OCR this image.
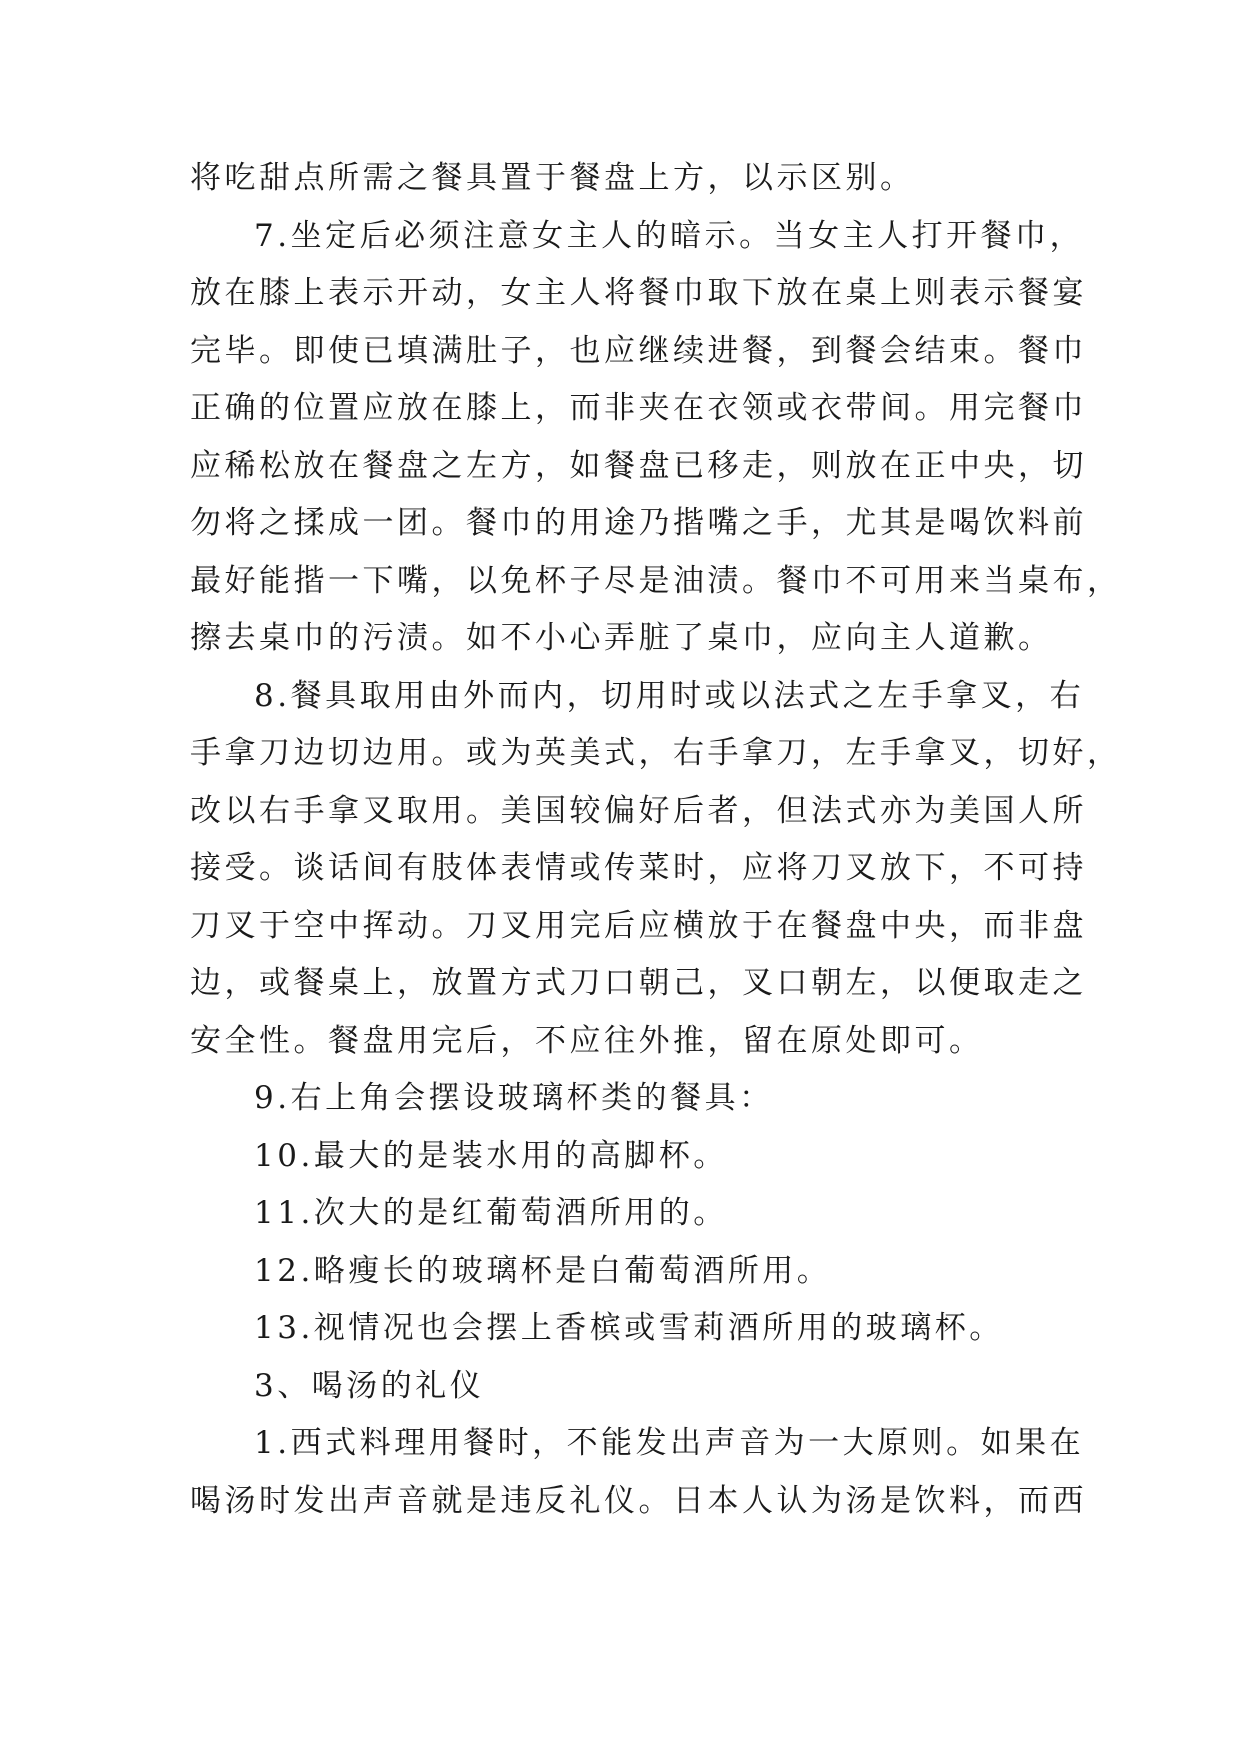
将吃甜点所需之餐具置于餐盘上方，以示区别。
7.坐定后必须注意女主人的暗示。当女主人打开餐巾，
放在膝上表示开动，女主人将餐巾取下放在桌上则表示餐宴
完毕。即使已填满肚子，也应继续进餐，到餐会结束。餐巾
正确的位置应放在膝上，而非夹在衣领或衣带间。用完餐巾
应稀松放在餐盘之左方，如餐盘已移走，则放在正中央，切
勿将之揉成一团。餐巾的用途乃揩嘴之手，尤其是喝饮料前
最好能揩一下嘴，以免杯子尽是油渍。餐巾不可用来当桌布，
擦去桌巾的污渍。如不小心弄脏了桌巾，应向主人道歉。
8.餐具取用由外而内，切用时或以法式之左手拿叉，右
手拿刀边切边用。或为英美式，右手拿刀，左手拿叉，切好，
改以右手拿叉取用。美国较偏好后者，但法式亦为美国人所
接受。谈话间有肢体表情或传菜时，应将刀叉放下，不可持
刀叉于空中挥动。刀叉用完后应横放于在餐盘中央，而非盘
边，或餐桌上，放置方式刀口朝己，叉口朝左，以便取走之
安全性。餐盘用完后，不应往外推，留在原处即可。
9.右上角会摆设玻璃杯类的餐具：
10.最大的是装水用的高脚杯。
11.次大的是红葡萄酒所用的。
12.略瘦长的玻璃杯是白葡萄酒所用。
13.视情况也会摆上香槟或雪莉酒所用的玻璃杯。
3、喝汤的礼仪
1.西式料理用餐时，不能发出声音为一大原则。如果在
喝汤时发出声音就是违反礼仪。日本人认为汤是饮料，而西
